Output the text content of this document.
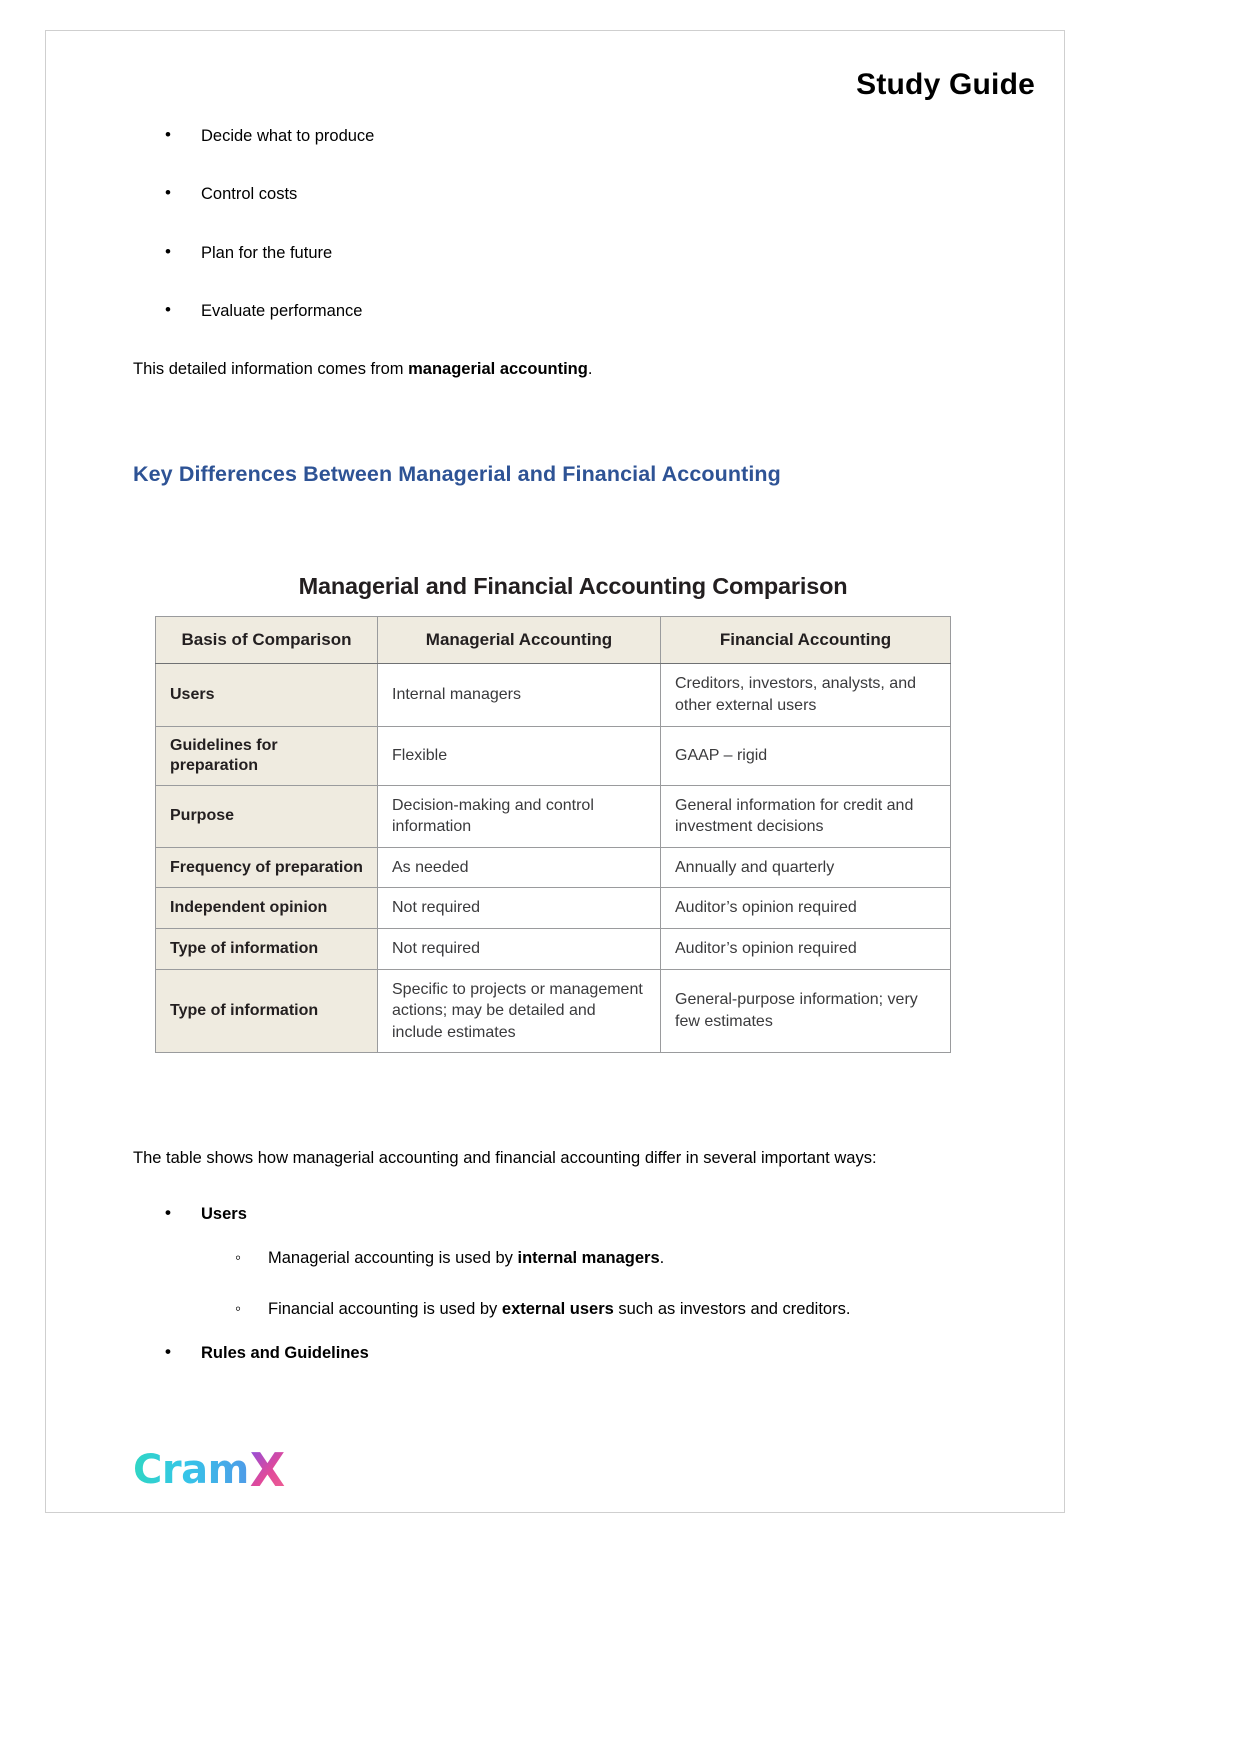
Study Guide
• Decide what to produce
• Control costs
• Plan for the future
• Evaluate performance

This detailed information comes from managerial accounting.

Key Differences Between Managerial and Financial Accounting
Managerial and Financial Accounting Comparison
Basis of Comparison	Managerial Accounting	Financial Accounting
Users	Internal managers	Creditors, investors, analysts, and other external users
Guidelines for preparation	Flexible	GAAP – rigid
Purpose	Decision-making and control information	General information for credit and investment decisions
Frequency of preparation	As needed	Annually and quarterly
Independent opinion	Not required	Auditor’s opinion required
Type of information	Not required	Auditor’s opinion required
Type of information	Specific to projects or management actions; may be detailed and include estimates	General-purpose information; very few estimates

The table shows how managerial accounting and financial accounting differ in several important ways:

• Users
◦ Managerial accounting is used by internal managers.
◦ Financial accounting is used by external users such as investors and creditors.
• Rules and Guidelines
Cram X
